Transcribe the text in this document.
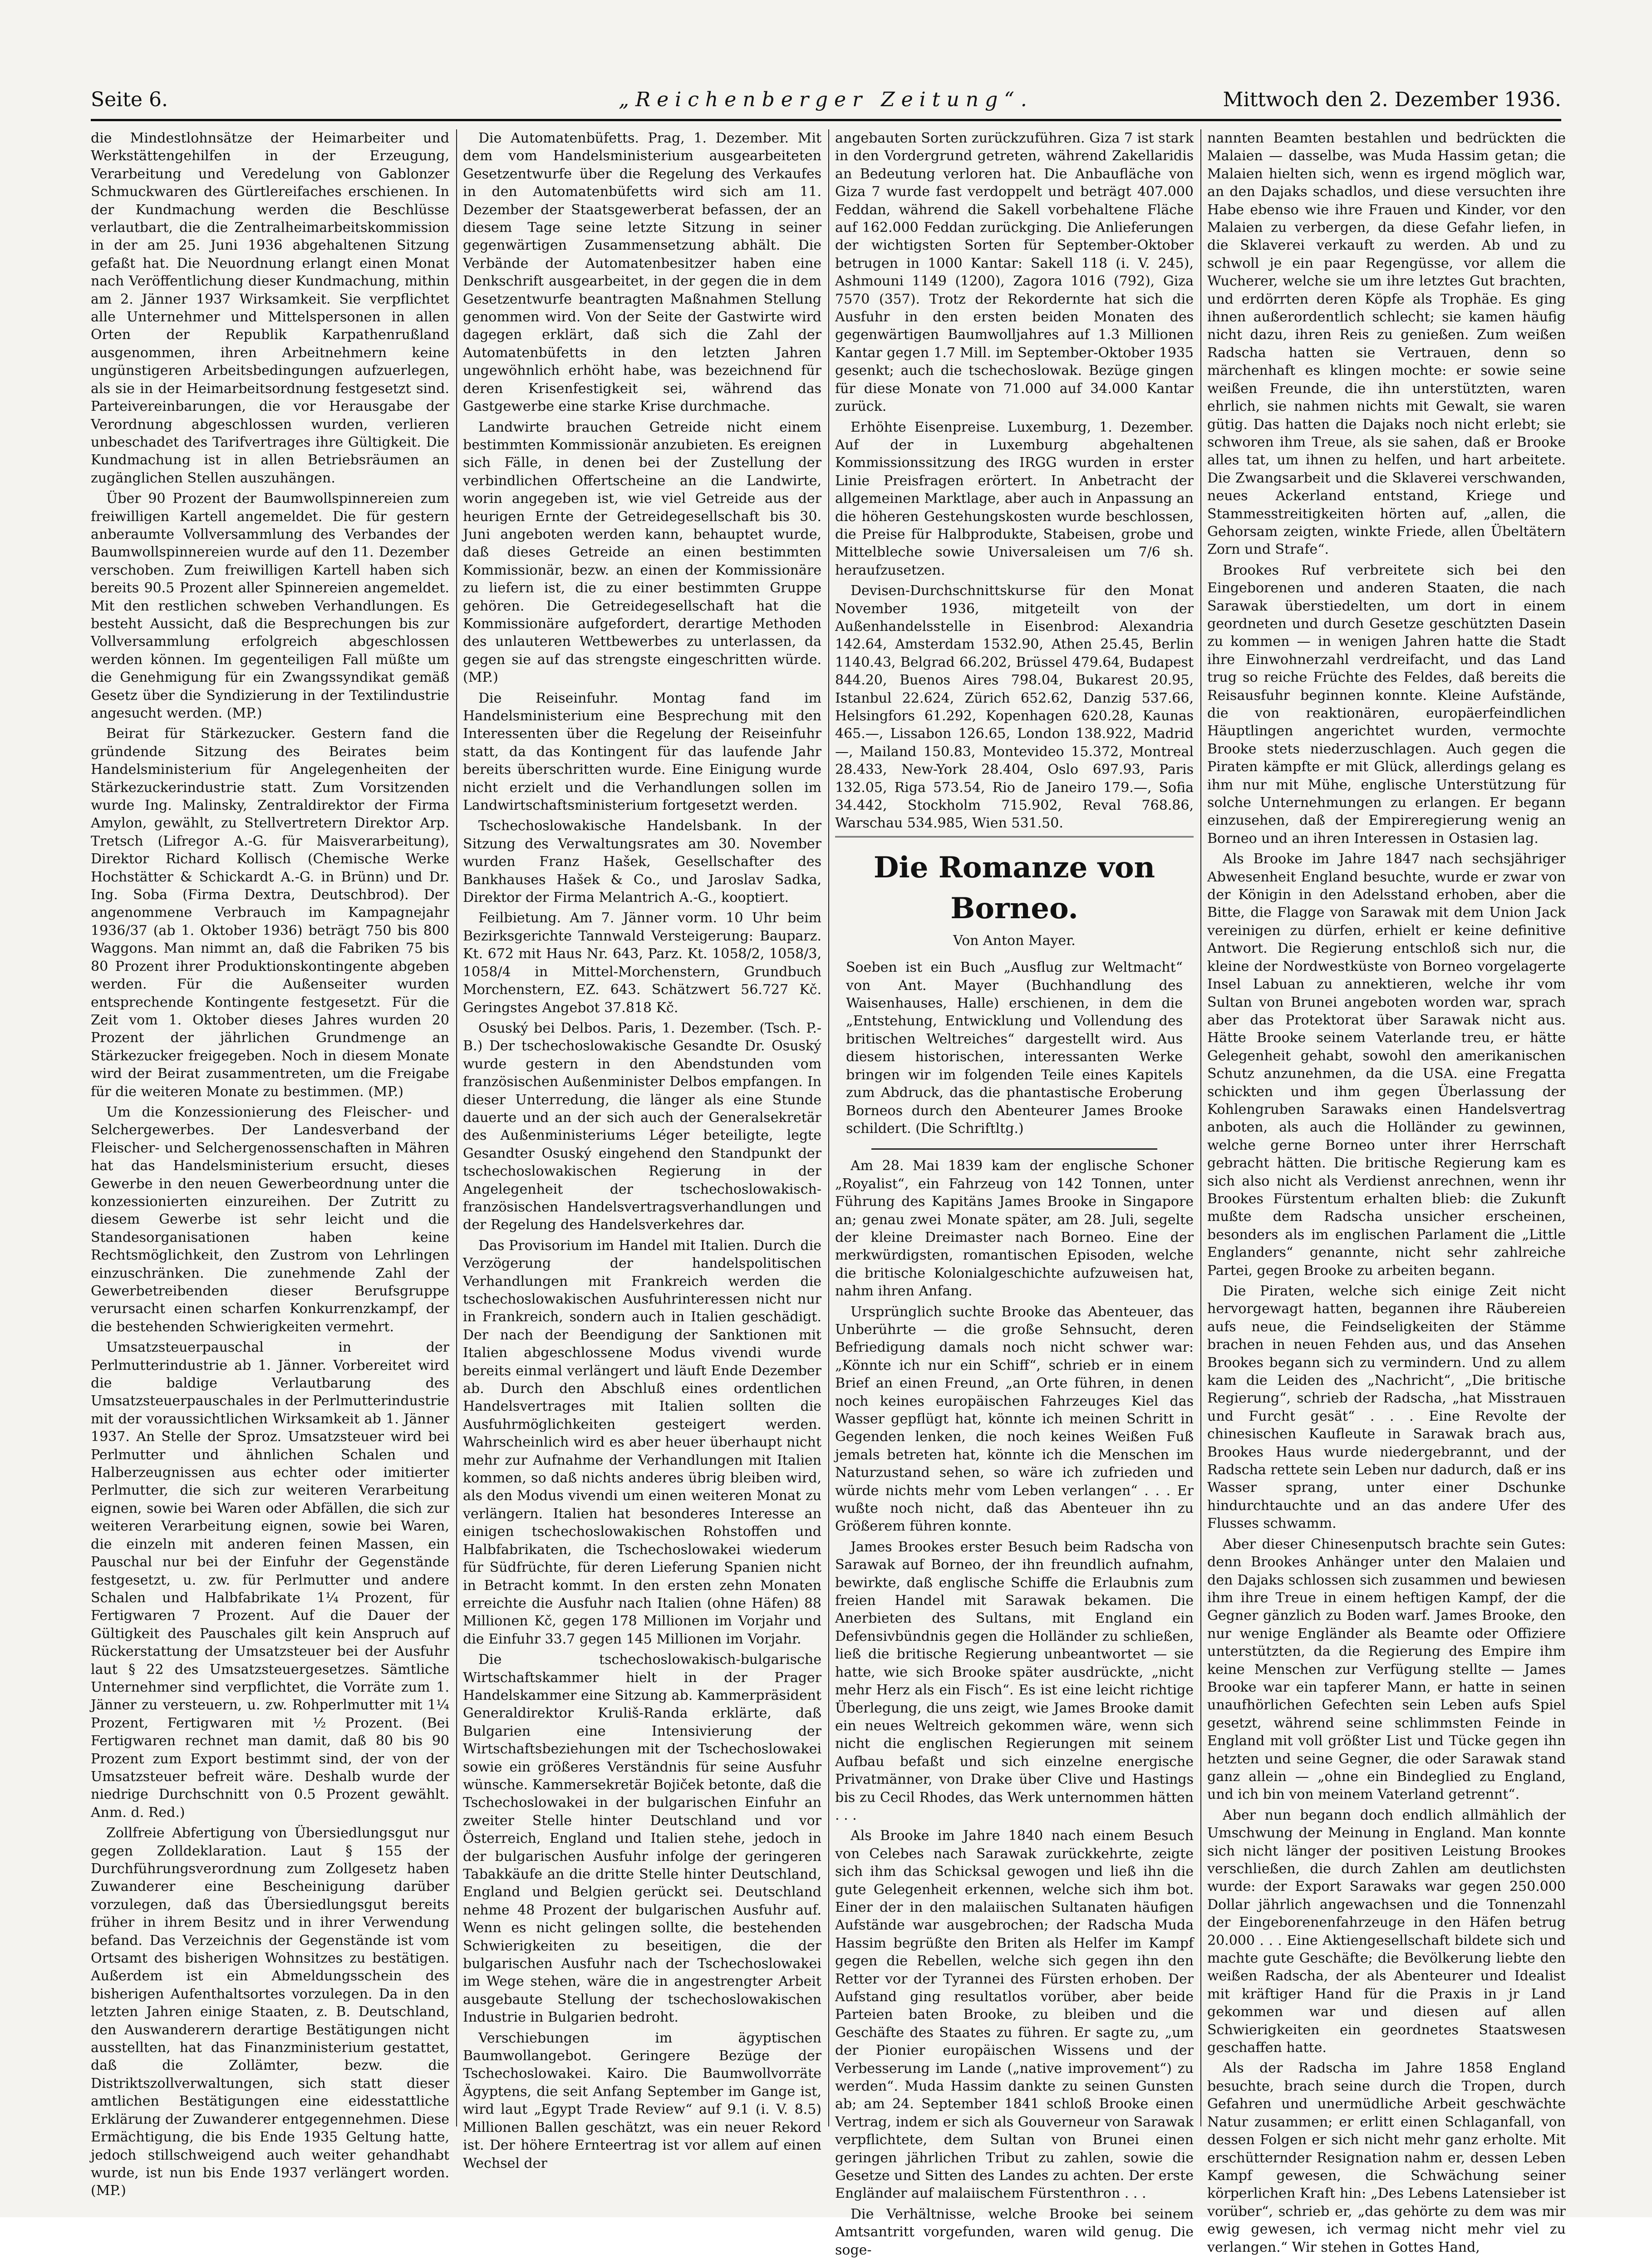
Seite 6.	„Reichenberger Zeitung“.	Mittwoch den 2. Dezember 1936.

die Mindestlohnsätze der Heimarbeiter und Werkstättengehilfen in der Erzeugung, Verarbeitung und Veredelung von Gablonzer Schmuckwaren des Gürtlereifaches erschienen. In der Kundmachung werden die Beschlüsse verlautbart, die die Zentralheimarbeitskommission in der am 25. Juni 1936 abgehaltenen Sitzung gefaßt hat. Die Neuordnung erlangt einen Monat nach Veröffentlichung dieser Kundmachung, mithin am 2. Jänner 1937 Wirksamkeit. Sie verpflichtet alle Unternehmer und Mittelspersonen in allen Orten der Republik Karpathenrußland ausgenommen, ihren Arbeitnehmern keine ungünstigeren Arbeitsbedingungen aufzuerlegen, als sie in der Heimarbeitsordnung festgesetzt sind. Parteivereinbarungen, die vor Herausgabe der Verordnung abgeschlossen wurden, verlieren unbeschadet des Tarifvertrages ihre Gültigkeit. Die Kundmachung ist in allen Betriebsräumen an zugänglichen Stellen auszuhängen.

Über 90 Prozent der Baumwollspinnereien zum freiwilligen Kartell angemeldet. Die für gestern anberaumte Vollversammlung des Verbandes der Baumwollspinnereien wurde auf den 11. Dezember verschoben. Zum freiwilligen Kartell haben sich bereits 90.5 Prozent aller Spinnereien angemeldet. Mit den restlichen schweben Verhandlungen. Es besteht Aussicht, daß die Besprechungen bis zur Vollversammlung erfolgreich abgeschlossen werden können. Im gegenteiligen Fall müßte um die Genehmigung für ein Zwangssyndikat gemäß Gesetz über die Syndizierung in der Textilindustrie angesucht werden. (MP.)

Beirat für Stärkezucker. Gestern fand die gründende Sitzung des Beirates beim Handelsministerium für Angelegenheiten der Stärkezuckerindustrie statt. Zum Vorsitzenden wurde Ing. Malinsky, Zentraldirektor der Firma Amylon, gewählt, zu Stellvertretern Direktor Arp. Tretsch (Lifregor A.-G. für Maisverarbeitung), Direktor Richard Kollisch (Chemische Werke Hochstätter & Schickardt A.-G. in Brünn) und Dr. Ing. Soba (Firma Dextra, Deutschbrod). Der angenommene Verbrauch im Kampagnejahr 1936/37 (ab 1. Oktober 1936) beträgt 750 bis 800 Waggons. Man nimmt an, daß die Fabriken 75 bis 80 Prozent ihrer Produktionskontingente abgeben werden. Für die Außenseiter wurden entsprechende Kontingente festgesetzt. Für die Zeit vom 1. Oktober dieses Jahres wurden 20 Prozent der jährlichen Grundmenge an Stärkezucker freigegeben. Noch in diesem Monate wird der Beirat zusammentreten, um die Freigabe für die weiteren Monate zu bestimmen. (MP.)

Um die Konzessionierung des Fleischer- und Selchergewerbes. Der Landesverband der Fleischer- und Selchergenossenschaften in Mähren hat das Handelsministerium ersucht, dieses Gewerbe in den neuen Gewerbeordnung unter die konzessionierten einzureihen. Der Zutritt zu diesem Gewerbe ist sehr leicht und die Standesorganisationen haben keine Rechtsmöglichkeit, den Zustrom von Lehrlingen einzuschränken. Die zunehmende Zahl der Gewerbetreibenden dieser Berufsgruppe verursacht einen scharfen Konkurrenzkampf, der die bestehenden Schwierigkeiten vermehrt.

Umsatzsteuerpauschal in der Perlmutterindustrie ab 1. Jänner. Vorbereitet wird die baldige Verlautbarung des Umsatzsteuerpauschales in der Perlmutterindustrie mit der voraussichtlichen Wirksamkeit ab 1. Jänner 1937. An Stelle der Sproz. Umsatzsteuer wird bei Perlmutter und ähnlichen Schalen und Halberzeugnissen aus echter oder imitierter Perlmutter, die sich zur weiteren Verarbeitung eignen, sowie bei Waren oder Abfällen, die sich zur weiteren Verarbeitung eignen, sowie bei Waren, die einzeln mit anderen feinen Massen, ein Pauschal nur bei der Einfuhr der Gegenstände festgesetzt, u. zw. für Perlmutter und andere Schalen und Halbfabrikate 1¼ Prozent, für Fertigwaren 7 Prozent. Auf die Dauer der Gültigkeit des Pauschales gilt kein Anspruch auf Rückerstattung der Umsatzsteuer bei der Ausfuhr laut § 22 des Umsatzsteuergesetzes. Sämtliche Unternehmer sind verpflichtet, die Vorräte zum 1. Jänner zu versteuern, u. zw. Rohperlmutter mit 1¼ Prozent, Fertigwaren mit ½ Prozent. (Bei Fertigwaren rechnet man damit, daß 80 bis 90 Prozent zum Export bestimmt sind, der von der Umsatzsteuer befreit wäre. Deshalb wurde der niedrige Durchschnitt von 0.5 Prozent gewählt. Anm. d. Red.)

Zollfreie Abfertigung von Übersiedlungsgut nur gegen Zolldeklaration. Laut § 155 der Durchführungsverordnung zum Zollgesetz haben Zuwanderer eine Bescheinigung darüber vorzulegen, daß das Übersiedlungsgut bereits früher in ihrem Besitz und in ihrer Verwendung befand. Das Verzeichnis der Gegenstände ist vom Ortsamt des bisherigen Wohnsitzes zu bestätigen. Außerdem ist ein Abmeldungsschein des bisherigen Aufenthaltsortes vorzulegen. Da in den letzten Jahren einige Staaten, z. B. Deutschland, den Auswanderern derartige Bestätigungen nicht ausstellten, hat das Finanzministerium gestattet, daß die Zollämter, bezw. die Distriktszollverwaltungen, sich statt dieser amtlichen Bestätigungen eine eidesstattliche Erklärung der Zuwanderer entgegennehmen. Diese Ermächtigung, die bis Ende 1935 Geltung hatte, jedoch stillschweigend auch weiter gehandhabt wurde, ist nun bis Ende 1937 verlängert worden. (MP.)

Die Automatenbüfetts. Prag, 1. Dezember. Mit dem vom Handelsministerium ausgearbeiteten Gesetzentwurfe über die Regelung des Verkaufes in den Automatenbüfetts wird sich am 11. Dezember der Staatsgewerberat befassen, der an diesem Tage seine letzte Sitzung in seiner gegenwärtigen Zusammensetzung abhält. Die Verbände der Automatenbesitzer haben eine Denkschrift ausgearbeitet, in der gegen die in dem Gesetzentwurfe beantragten Maßnahmen Stellung genommen wird. Von der Seite der Gastwirte wird dagegen erklärt, daß sich die Zahl der Automatenbüfetts in den letzten Jahren ungewöhnlich erhöht habe, was bezeichnend für deren Krisenfestigkeit sei, während das Gastgewerbe eine starke Krise durchmache.

Landwirte brauchen Getreide nicht einem bestimmten Kommissionär anzubieten. Es ereignen sich Fälle, in denen bei der Zustellung der verbindlichen Offertscheine an die Landwirte, worin angegeben ist, wie viel Getreide aus der heurigen Ernte der Getreidegesellschaft bis 30. Juni angeboten werden kann, behauptet wurde, daß dieses Getreide an einen bestimmten Kommissionär, bezw. an einen der Kommissionäre zu liefern ist, die zu einer bestimmten Gruppe gehören. Die Getreidegesellschaft hat die Kommissionäre aufgefordert, derartige Methoden des unlauteren Wettbewerbes zu unterlassen, da gegen sie auf das strengste eingeschritten würde. (MP.)

Die Reiseinfuhr. Montag fand im Handelsministerium eine Besprechung mit den Interessenten über die Regelung der Reiseinfuhr statt, da das Kontingent für das laufende Jahr bereits überschritten wurde. Eine Einigung wurde nicht erzielt und die Verhandlungen sollen im Landwirtschaftsministerium fortgesetzt werden.

Tschechoslowakische Handelsbank. In der Sitzung des Verwaltungsrates am 30. November wurden Franz Hašek, Gesellschafter des Bankhauses Hašek & Co., und Jaroslav Sadka, Direktor der Firma Melantrich A.-G., kooptiert.

Feilbietung. Am 7. Jänner vorm. 10 Uhr beim Bezirksgerichte Tannwald Versteigerung: Bauparz. Kt. 672 mit Haus Nr. 643, Parz. Kt. 1058/2, 1058/3, 1058/4 in Mittel-Morchenstern, Grundbuch Morchenstern, EZ. 643. Schätzwert 56.727 Kč. Geringstes Angebot 37.818 Kč.

Osuský bei Delbos. Paris, 1. Dezember. (Tsch. P.-B.) Der tschechoslowakische Gesandte Dr. Osuský wurde gestern in den Abendstunden vom französischen Außenminister Delbos empfangen. In dieser Unterredung, die länger als eine Stunde dauerte und an der sich auch der Generalsekretär des Außenministeriums Léger beteiligte, legte Gesandter Osuský eingehend den Standpunkt der tschechoslowakischen Regierung in der Angelegenheit der tschechoslowakisch-französischen Handelsvertragsverhandlungen und der Regelung des Handelsverkehres dar.

Das Provisorium im Handel mit Italien. Durch die Verzögerung der handelspolitischen Verhandlungen mit Frankreich werden die tschechoslowakischen Ausfuhrinteressen nicht nur in Frankreich, sondern auch in Italien geschädigt. Der nach der Beendigung der Sanktionen mit Italien abgeschlossene Modus vivendi wurde bereits einmal verlängert und läuft Ende Dezember ab. Durch den Abschluß eines ordentlichen Handelsvertrages mit Italien sollten die Ausfuhrmöglichkeiten gesteigert werden. Wahrscheinlich wird es aber heuer überhaupt nicht mehr zur Aufnahme der Verhandlungen mit Italien kommen, so daß nichts anderes übrig bleiben wird, als den Modus vivendi um einen weiteren Monat zu verlängern. Italien hat besonderes Interesse an einigen tschechoslowakischen Rohstoffen und Halbfabrikaten, die Tschechoslowakei wiederum für Südfrüchte, für deren Lieferung Spanien nicht in Betracht kommt. In den ersten zehn Monaten erreichte die Ausfuhr nach Italien (ohne Häfen) 88 Millionen Kč, gegen 178 Millionen im Vorjahr und die Einfuhr 33.7 gegen 145 Millionen im Vorjahr.

Die tschechoslowakisch-bulgarische Wirtschaftskammer hielt in der Prager Handelskammer eine Sitzung ab. Kammerpräsident Generaldirektor Kruliš-Randa erklärte, daß Bulgarien eine Intensivierung der Wirtschaftsbeziehungen mit der Tschechoslowakei sowie ein größeres Verständnis für seine Ausfuhr wünsche. Kammersekretär Bojiček betonte, daß die Tschechoslowakei in der bulgarischen Einfuhr an zweiter Stelle hinter Deutschland und vor Österreich, England und Italien stehe, jedoch in der bulgarischen Ausfuhr infolge der geringeren Tabakkäufe an die dritte Stelle hinter Deutschland, England und Belgien gerückt sei. Deutschland nehme 48 Prozent der bulgarischen Ausfuhr auf. Wenn es nicht gelingen sollte, die bestehenden Schwierigkeiten zu beseitigen, die der bulgarischen Ausfuhr nach der Tschechoslowakei im Wege stehen, wäre die in angestrengter Arbeit ausgebaute Stellung der tschechoslowakischen Industrie in Bulgarien bedroht.

Verschiebungen im ägyptischen Baumwollangebot. Geringere Bezüge der Tschechoslowakei. Kairo. Die Baumwollvorräte Ägyptens, die seit Anfang September im Gange ist, wird laut „Egypt Trade Review“ auf 9.1 (i. V. 8.5) Millionen Ballen geschätzt, was ein neuer Rekord ist. Der höhere Ernteertrag ist vor allem auf einen Wechsel der

angebauten Sorten zurückzuführen. Giza 7 ist stark in den Vordergrund getreten, während Zakellaridis an Bedeutung verloren hat. Die Anbaufläche von Giza 7 wurde fast verdoppelt und beträgt 407.000 Feddan, während die Sakell vorbehaltene Fläche auf 162.000 Feddan zurückging. Die Anlieferungen der wichtigsten Sorten für September-Oktober betrugen in 1000 Kantar: Sakell 118 (i. V. 245), Ashmouni 1149 (1200), Zagora 1016 (792), Giza 7570 (357). Trotz der Rekordernte hat sich die Ausfuhr in den ersten beiden Monaten des gegenwärtigen Baumwolljahres auf 1.3 Millionen Kantar gegen 1.7 Mill. im September-Oktober 1935 gesenkt; auch die tschechoslowak. Bezüge gingen für diese Monate von 71.000 auf 34.000 Kantar zurück.

Erhöhte Eisenpreise. Luxemburg, 1. Dezember. Auf der in Luxemburg abgehaltenen Kommissionssitzung des IRGG wurden in erster Linie Preisfragen erörtert. In Anbetracht der allgemeinen Marktlage, aber auch in Anpassung an die höheren Gestehungskosten wurde beschlossen, die Preise für Halbprodukte, Stabeisen, grobe und Mittelbleche sowie Universaleisen um 7/6 sh. heraufzusetzen.

Devisen-Durchschnittskurse für den Monat November 1936, mitgeteilt von der Außenhandelsstelle in Eisenbrod: Alexandria 142.64, Amsterdam 1532.90, Athen 25.45, Berlin 1140.43, Belgrad 66.202, Brüssel 479.64, Budapest 844.20, Buenos Aires 798.04, Bukarest 20.95, Istanbul 22.624, Zürich 652.62, Danzig 537.66, Helsingfors 61.292, Kopenhagen 620.28, Kaunas 465.—, Lissabon 126.65, London 138.922, Madrid—, Mailand 150.83, Montevideo 15.372, Montreal 28.433, New-York 28.404, Oslo 697.93, Paris 132.05, Riga 573.54, Rio de Janeiro 179.—, Sofia 34.442, Stockholm 715.902, Reval 768.86, Warschau 534.985, Wien 531.50.

Die Romanze von Borneo.
Von Anton Mayer.

Soeben ist ein Buch „Ausflug zur Weltmacht“ von Ant. Mayer (Buchhandlung des Waisenhauses, Halle) erschienen, in dem die „Entstehung, Entwicklung und Vollendung des britischen Weltreiches“ dargestellt wird. Aus diesem historischen, interessanten Werke bringen wir im folgenden Teile eines Kapitels zum Abdruck, das die phantastische Eroberung Borneos durch den Abenteurer James Brooke schildert. (Die Schriftltg.)

Am 28. Mai 1839 kam der englische Schoner „Royalist“, ein Fahrzeug von 142 Tonnen, unter Führung des Kapitäns James Brooke in Singapore an; genau zwei Monate später, am 28. Juli, segelte der kleine Dreimaster nach Borneo. Eine der merkwürdigsten, romantischen Episoden, welche die britische Kolonialgeschichte aufzuweisen hat, nahm ihren Anfang.

Ursprünglich suchte Brooke das Abenteuer, das Unberührte — die große Sehnsucht, deren Befriedigung damals noch nicht schwer war: „Könnte ich nur ein Schiff“, schrieb er in einem Brief an einen Freund, „an Orte führen, in denen noch keines europäischen Fahrzeuges Kiel das Wasser gepflügt hat, könnte ich meinen Schritt in Gegenden lenken, die noch keines Weißen Fuß jemals betreten hat, könnte ich die Menschen im Naturzustand sehen, so wäre ich zufrieden und würde nichts mehr vom Leben verlangen“ . . . Er wußte noch nicht, daß das Abenteuer ihn zu Größerem führen konnte.

James Brookes erster Besuch beim Radscha von Sarawak auf Borneo, der ihn freundlich aufnahm, bewirkte, daß englische Schiffe die Erlaubnis zum freien Handel mit Sarawak bekamen. Die Anerbieten des Sultans, mit England ein Defensivbündnis gegen die Holländer zu schließen, ließ die britische Regierung unbeantwortet — sie hatte, wie sich Brooke später ausdrückte, „nicht mehr Herz als ein Fisch“. Es ist eine leicht richtige Überlegung, die uns zeigt, wie James Brooke damit ein neues Weltreich gekommen wäre, wenn sich nicht die englischen Regierungen mit seinem Aufbau befaßt und sich einzelne energische Privatmänner, von Drake über Clive und Hastings bis zu Cecil Rhodes, das Werk unternommen hätten . . .

Als Brooke im Jahre 1840 nach einem Besuch von Celebes nach Sarawak zurückkehrte, zeigte sich ihm das Schicksal gewogen und ließ ihn die gute Gelegenheit erkennen, welche sich ihm bot. Einer der in den malaiischen Sultanaten häufigen Aufstände war ausgebrochen; der Radscha Muda Hassim begrüßte den Briten als Helfer im Kampf gegen die Rebellen, welche sich gegen ihn den Retter vor der Tyrannei des Fürsten erhoben. Der Aufstand ging resultatlos vorüber, aber beide Parteien baten Brooke, zu bleiben und die Geschäfte des Staates zu führen. Er sagte zu, „um der Pionier europäischen Wissens und der Verbesserung im Lande („native improvement“) zu werden“. Muda Hassim dankte zu seinen Gunsten ab; am 24. September 1841 schloß Brooke einen Vertrag, indem er sich als Gouverneur von Sarawak verpflichtete, dem Sultan von Brunei einen geringen jährlichen Tribut zu zahlen, sowie die Gesetze und Sitten des Landes zu achten. Der erste Engländer auf malaiischem Fürstenthron . . .

Die Verhältnisse, welche Brooke bei seinem Amtsantritt vorgefunden, waren wild genug. Die soge-

nannten Beamten bestahlen und bedrückten die Malaien — dasselbe, was Muda Hassim getan; die Malaien hielten sich, wenn es irgend möglich war, an den Dajaks schadlos, und diese versuchten ihre Habe ebenso wie ihre Frauen und Kinder, vor den Malaien zu verbergen, da diese Gefahr liefen, in die Sklaverei verkauft zu werden. Ab und zu schwoll je ein paar Regengüsse, vor allem die Wucherer, welche sie um ihre letztes Gut brachten, und erdörrten deren Köpfe als Trophäe. Es ging ihnen außerordentlich schlecht; sie kamen häufig nicht dazu, ihren Reis zu genießen. Zum weißen Radscha hatten sie Vertrauen, denn so märchenhaft es klingen mochte: er sowie seine weißen Freunde, die ihn unterstützten, waren ehrlich, sie nahmen nichts mit Gewalt, sie waren gütig. Das hatten die Dajaks noch nicht erlebt; sie schworen ihm Treue, als sie sahen, daß er Brooke alles tat, um ihnen zu helfen, und hart arbeitete. Die Zwangsarbeit und die Sklaverei verschwanden, neues Ackerland entstand, Kriege und Stammesstreitigkeiten hörten auf, „allen, die Gehorsam zeigten, winkte Friede, allen Übeltätern Zorn und Strafe“.

Brookes Ruf verbreitete sich bei den Eingeborenen und anderen Staaten, die nach Sarawak überstiedelten, um dort in einem geordneten und durch Gesetze geschützten Dasein zu kommen — in wenigen Jahren hatte die Stadt ihre Einwohnerzahl verdreifacht, und das Land trug so reiche Früchte des Feldes, daß bereits die Reisausfuhr beginnen konnte. Kleine Aufstände, die von reaktionären, europäerfeindlichen Häuptlingen angerichtet wurden, vermochte Brooke stets niederzuschlagen. Auch gegen die Piraten kämpfte er mit Glück, allerdings gelang es ihm nur mit Mühe, englische Unterstützung für solche Unternehmungen zu erlangen. Er begann einzusehen, daß der Empireregierung wenig an Borneo und an ihren Interessen in Ostasien lag.

Als Brooke im Jahre 1847 nach sechsjähriger Abwesenheit England besuchte, wurde er zwar von der Königin in den Adelsstand erhoben, aber die Bitte, die Flagge von Sarawak mit dem Union Jack vereinigen zu dürfen, erhielt er keine definitive Antwort. Die Regierung entschloß sich nur, die kleine der Nordwestküste von Borneo vorgelagerte Insel Labuan zu annektieren, welche ihr vom Sultan von Brunei angeboten worden war, sprach aber das Protektorat über Sarawak nicht aus. Hätte Brooke seinem Vaterlande treu, er hätte Gelegenheit gehabt, sowohl den amerikanischen Schutz anzunehmen, da die USA. eine Fregatta schickten und ihm gegen Überlassung der Kohlengruben Sarawaks einen Handelsvertrag anboten, als auch die Holländer zu gewinnen, welche gerne Borneo unter ihrer Herrschaft gebracht hätten. Die britische Regierung kam es sich also nicht als Verdienst anrechnen, wenn ihr Brookes Fürstentum erhalten blieb: die Zukunft mußte dem Radscha unsicher erscheinen, besonders als im englischen Parlament die „Little Englanders“ genannte, nicht sehr zahlreiche Partei, gegen Brooke zu arbeiten begann.

Die Piraten, welche sich einige Zeit nicht hervorgewagt hatten, begannen ihre Räubereien aufs neue, die Feindseligkeiten der Stämme brachen in neuen Fehden aus, und das Ansehen Brookes begann sich zu vermindern. Und zu allem kam die Leiden des „Nachricht“, „Die britische Regierung“, schrieb der Radscha, „hat Misstrauen und Furcht gesät“ . . . Eine Revolte der chinesischen Kaufleute in Sarawak brach aus, Brookes Haus wurde niedergebrannt, und der Radscha rettete sein Leben nur dadurch, daß er ins Wasser sprang, unter einer Dschunke hindurchtauchte und an das andere Ufer des Flusses schwamm.

Aber dieser Chinesenputsch brachte sein Gutes: denn Brookes Anhänger unter den Malaien und den Dajaks schlossen sich zusammen und bewiesen ihm ihre Treue in einem heftigen Kampf, der die Gegner gänzlich zu Boden warf. James Brooke, den nur wenige Engländer als Beamte oder Offiziere unterstützten, da die Regierung des Empire ihm keine Menschen zur Verfügung stellte — James Brooke war ein tapferer Mann, er hatte in seinen unaufhörlichen Gefechten sein Leben aufs Spiel gesetzt, während seine schlimmsten Feinde in England mit voll größter List und Tücke gegen ihn hetzten und seine Gegner, die oder Sarawak stand ganz allein — „ohne ein Bindeglied zu England, und ich bin von meinem Vaterland getrennt“.

Aber nun begann doch endlich allmählich der Umschwung der Meinung in England. Man konnte sich nicht länger der positiven Leistung Brookes verschließen, die durch Zahlen am deutlichsten wurde: der Export Sarawaks war gegen 250.000 Dollar jährlich angewachsen und die Tonnenzahl der Eingeborenenfahrzeuge in den Häfen betrug 20.000 . . . Eine Aktiengesellschaft bildete sich und machte gute Geschäfte; die Bevölkerung liebte den weißen Radscha, der als Abenteurer und Idealist mit kräftiger Hand für die Praxis in jr Land gekommen war und diesen auf allen Schwierigkeiten ein geordnetes Staatswesen geschaffen hatte.

Als der Radscha im Jahre 1858 England besuchte, brach seine durch die Tropen, durch Gefahren und unermüdliche Arbeit geschwächte Natur zusammen; er erlitt einen Schlaganfall, von dessen Folgen er sich nicht mehr ganz erholte. Mit erschütternder Resignation nahm er, dessen Leben Kampf gewesen, die Schwächung seiner körperlichen Kraft hin: „Des Lebens Latensieber ist vorüber“, schrieb er, „das gehörte zu dem was mir ewig gewesen, ich vermag nicht mehr viel zu verlangen.“ Wir stehen in Gottes Hand,
